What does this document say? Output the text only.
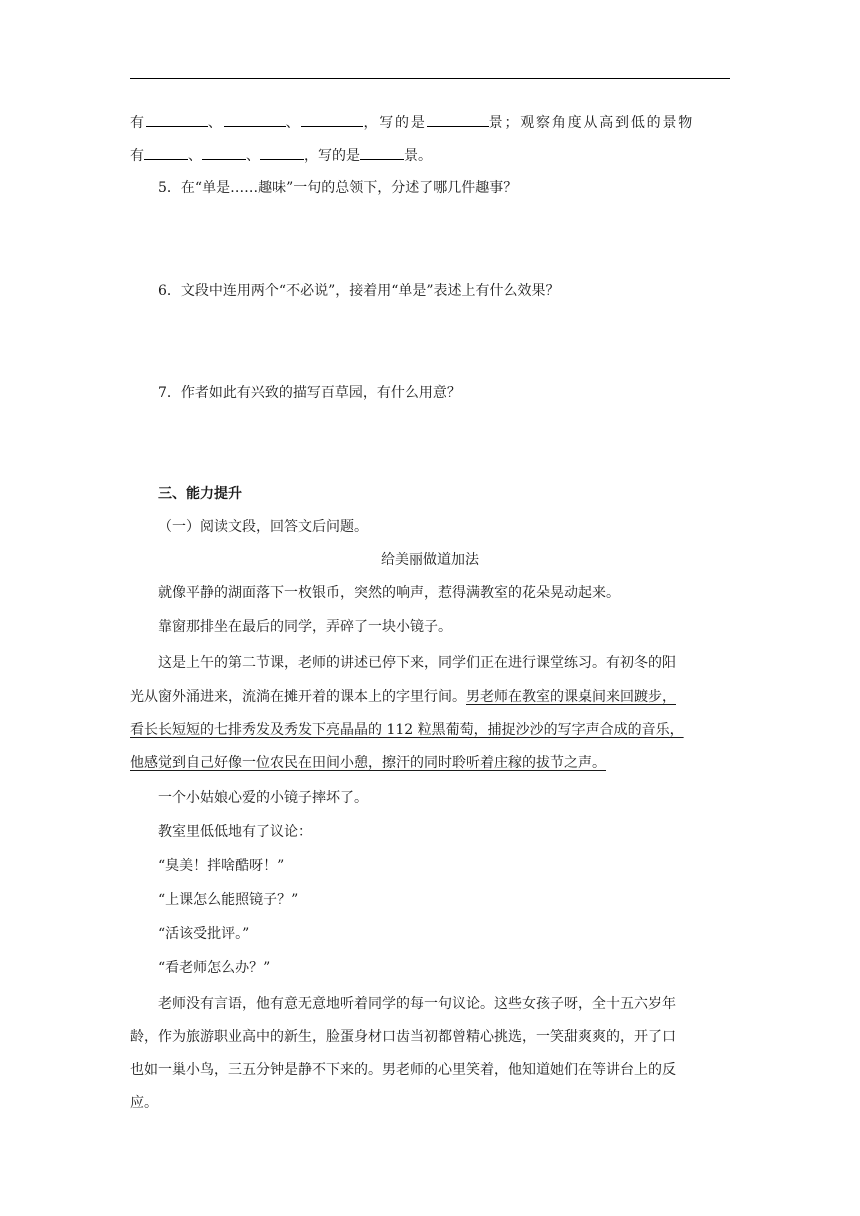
有	、	、	，写的是	景；观察角度从高到低的景物
有	、	、	，写的是	景。
5．在“单是……趣味”一句的总领下，分述了哪几件趣事？
6．文段中连用两个“不必说”，接着用“单是”表述上有什么效果？
7．作者如此有兴致的描写百草园，有什么用意？
三、能力提升
（一）阅读文段，回答文后问题。
给美丽做道加法
就像平静的湖面落下一枚银币，突然的响声，惹得满教室的花朵晃动起来。
靠窗那排坐在最后的同学，弄碎了一块小镜子。
这是上午的第二节课，老师的讲述已停下来，同学们正在进行课堂练习。有初冬的阳
光从窗外涌进来，流淌在摊开着的课本上的字里行间。男老师在教室的课桌间来回踱步，
看长长短短的七排秀发及秀发下亮晶晶的 112 粒黑葡萄，捕捉沙沙的写字声合成的音乐，
他感觉到自己好像一位农民在田间小憩，擦汗的同时聆听着庄稼的拔节之声。
一个小姑娘心爱的小镜子摔坏了。
教室里低低地有了议论：
“臭美！拌啥酷呀！”
“上课怎么能照镜子？”
“活该受批评。”
“看老师怎么办？”
老师没有言语，他有意无意地听着同学的每一句议论。这些女孩子呀，全十五六岁年
龄，作为旅游职业高中的新生，脸蛋身材口齿当初都曾精心挑选，一笑甜爽爽的，开了口
也如一巢小鸟，三五分钟是静不下来的。男老师的心里笑着，他知道她们在等讲台上的反
应。
